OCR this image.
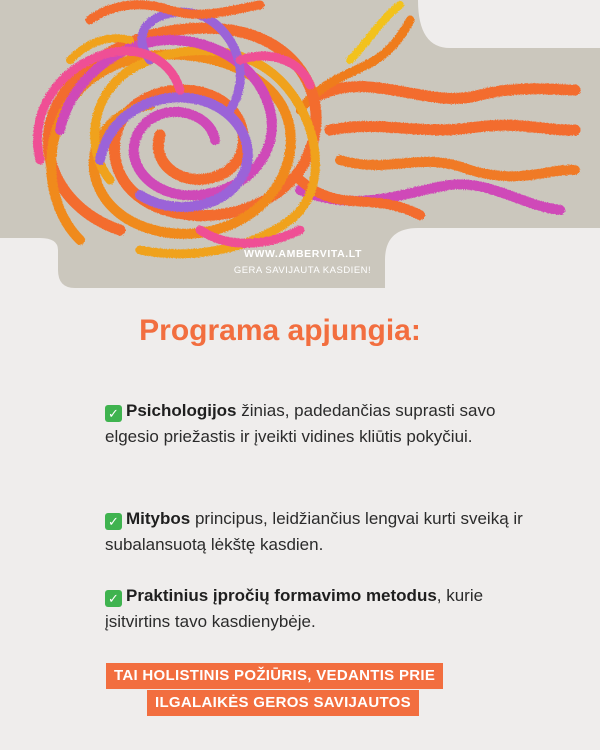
WWW.AMBERVITA.LT
GERA SAVIJAUTA KASDIEN!
Programa apjungia:
✓ Psichologijos žinias, padedančias suprasti savo elgesio priežastis ir įveikti vidines kliūtis pokyčiui.
✓ Mitybos principus, leidžiančius lengvai kurti sveiką ir subalansuotą lėkštę kasdien.
✓ Praktinius įpročių formavimo metodus, kurie įsitvirtins tavo kasdienybėje.
TAI HOLISTINIS POŽIŪRIS, VEDANTIS PRIE
ILGALAIKĖS GEROS SAVIJAUTOS
